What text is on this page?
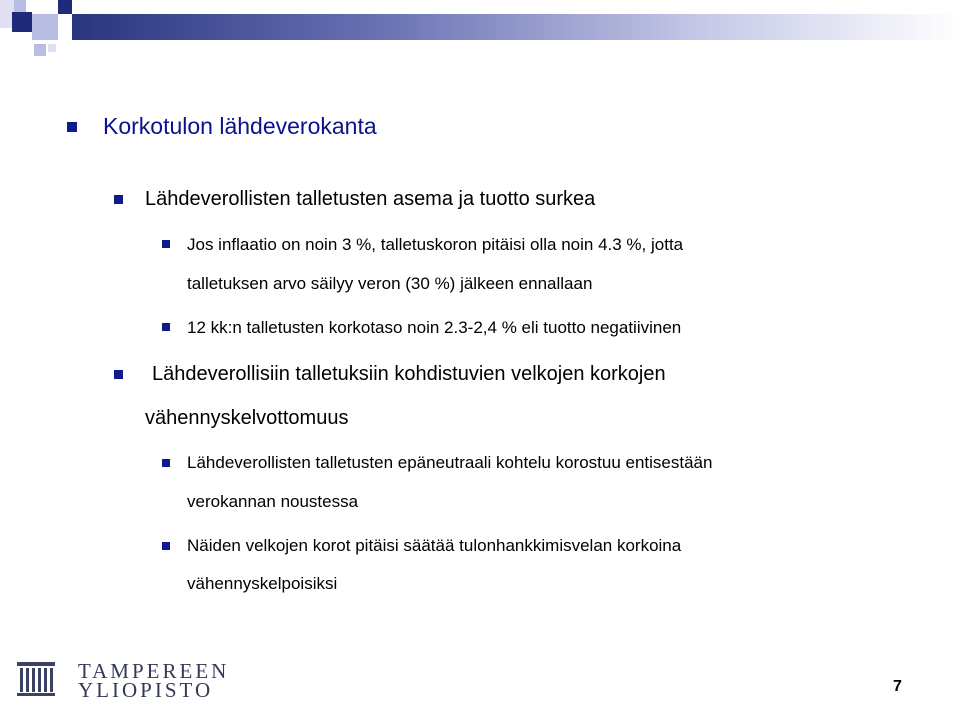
Korkotulon lähdeverokanta
Lähdeverollisten talletusten asema ja tuotto surkea
Jos inflaatio on noin 3 %, talletuskoron pitäisi olla noin 4.3 %, jotta
talletuksen arvo säilyy veron (30 %) jälkeen ennallaan
12 kk:n talletusten korkotaso noin 2.3-2,4 % eli tuotto negatiivinen
Lähdeverollisiin talletuksiin kohdistuvien velkojen korkojen
vähennyskelvottomuus
Lähdeverollisten talletusten epäneutraali kohtelu korostuu entisestään
verokannan noustessa
Näiden velkojen korot pitäisi säätää tulonhankkimisvelan korkoina
vähennyskelpoisiksi
TAMPEREEN
YLIOPISTO	7
